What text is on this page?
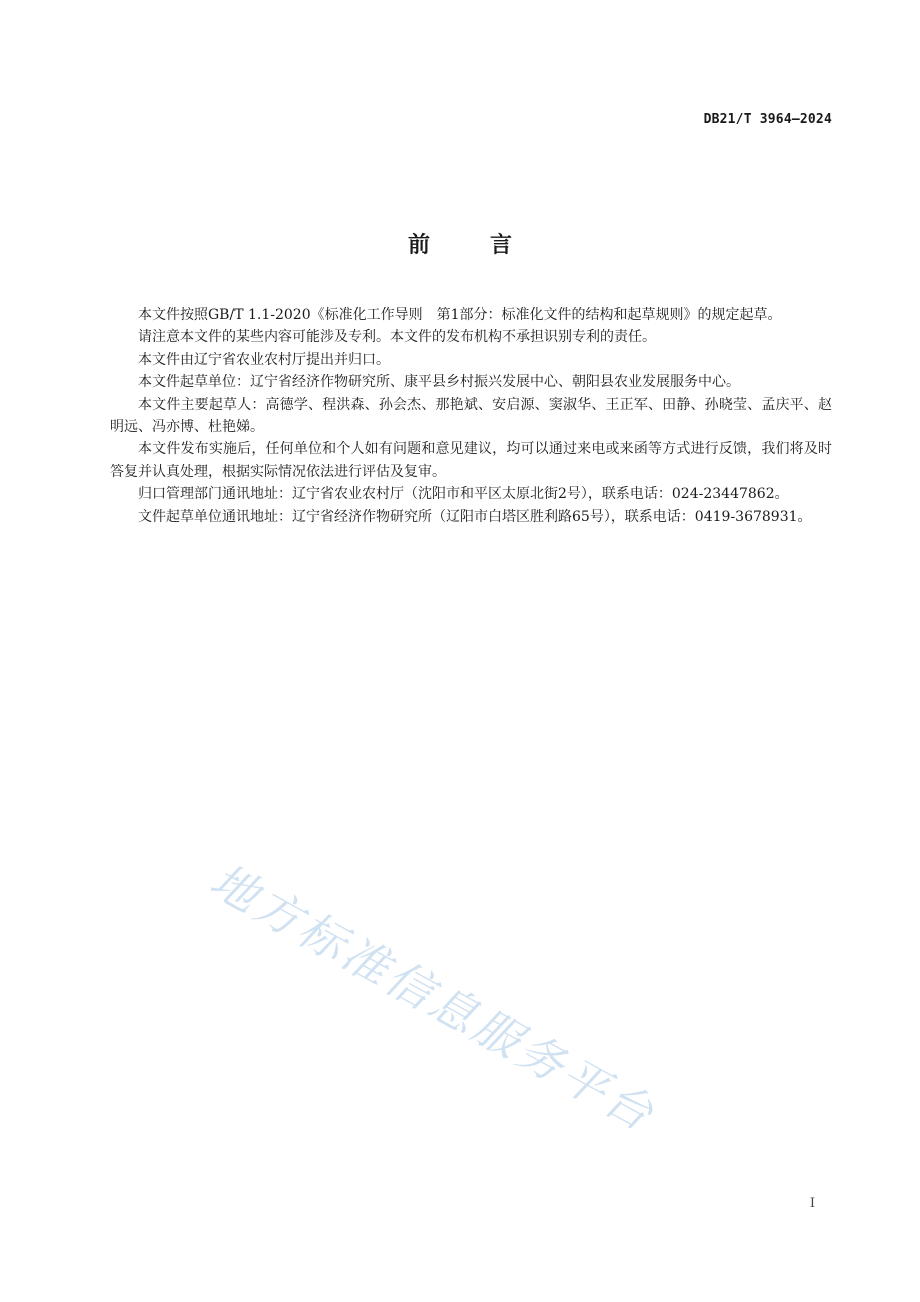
DB21/T 3964—2024
前言

本文件按照GB/T 1.1-2020《标准化工作导则　第1部分：标准化文件的结构和起草规则》的规定起草。

请注意本文件的某些内容可能涉及专利。本文件的发布机构不承担识别专利的责任。

本文件由辽宁省农业农村厅提出并归口。

本文件起草单位：辽宁省经济作物研究所、康平县乡村振兴发展中心、朝阳县农业发展服务中心。

本文件主要起草人：高德学、程洪森、孙会杰、那艳斌、安启源、窦淑华、王正军、田静、孙晓莹、孟庆平、赵明远、冯亦博、杜艳娣。

本文件发布实施后，任何单位和个人如有问题和意见建议，均可以通过来电或来函等方式进行反馈，我们将及时答复并认真处理，根据实际情况依法进行评估及复审。

归口管理部门通讯地址：辽宁省农业农村厅（沈阳市和平区太原北街2号），联系电话：024-23447862。

文件起草单位通讯地址：辽宁省经济作物研究所（辽阳市白塔区胜利路65号），联系电话：0419-3678931。

地方标准信息服务平台
I
